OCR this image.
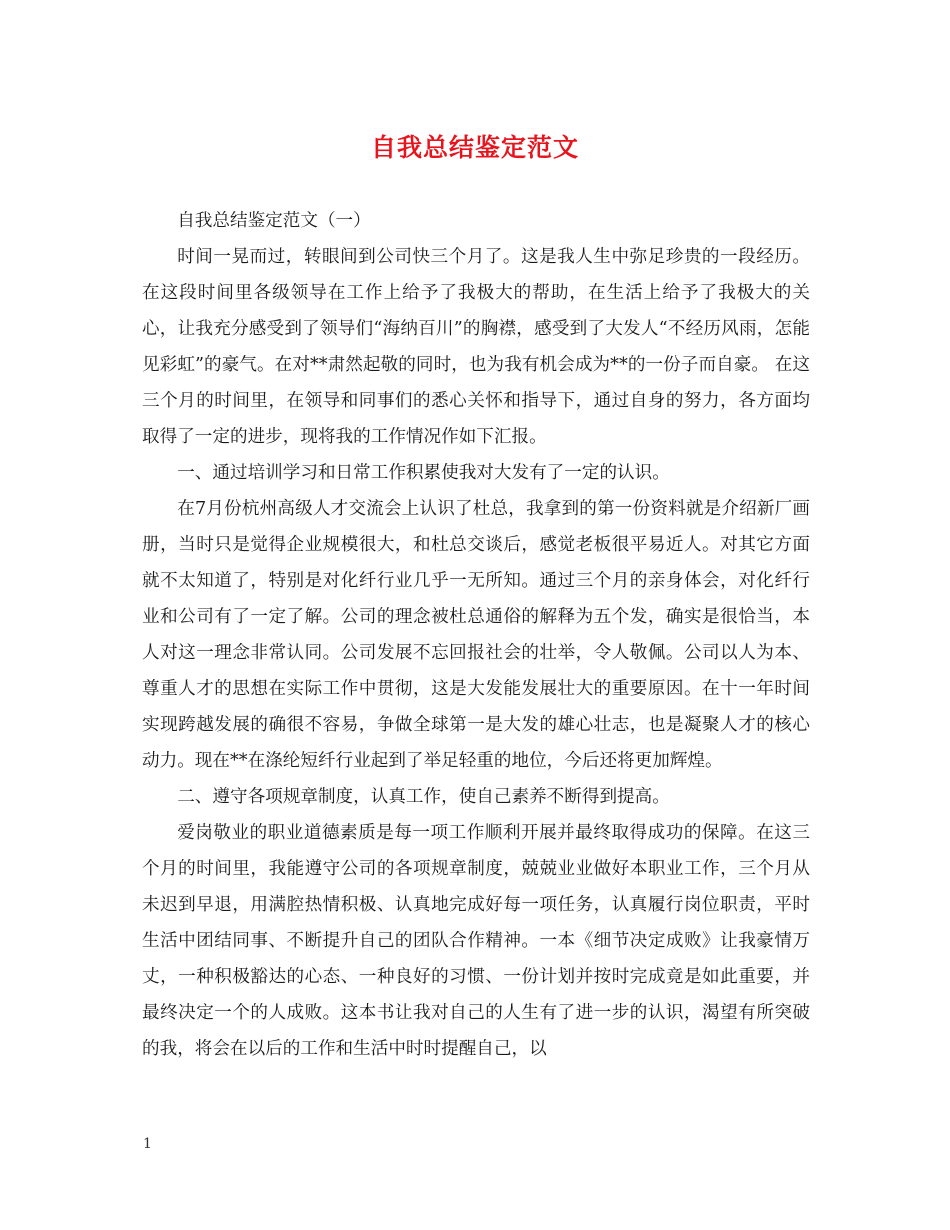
自我总结鉴定范文

自我总结鉴定范文（一）

时间一晃而过，转眼间到公司快三个月了。这是我人生中弥足珍贵的一段经历。在这段时间里各级领导在工作上给予了我极大的帮助，在生活上给予了我极大的关心，让我充分感受到了领导们“海纳百川”的胸襟，感受到了大发人“不经历风雨，怎能见彩虹”的豪气。在对**肃然起敬的同时，也为我有机会成为**的一份子而自豪。 在这三个月的时间里，在领导和同事们的悉心关怀和指导下，通过自身的努力，各方面均取得了一定的进步，现将我的工作情况作如下汇报。

一、通过培训学习和日常工作积累使我对大发有了一定的认识。

在7月份杭州高级人才交流会上认识了杜总，我拿到的第一份资料就是介绍新厂画册，当时只是觉得企业规模很大，和杜总交谈后，感觉老板很平易近人。对其它方面就不太知道了，特别是对化纤行业几乎一无所知。通过三个月的亲身体会，对化纤行业和公司有了一定了解。公司的理念被杜总通俗的解释为五个发，确实是很恰当，本人对这一理念非常认同。公司发展不忘回报社会的壮举，令人敬佩。公司以人为本、尊重人才的思想在实际工作中贯彻，这是大发能发展壮大的重要原因。在十一年时间实现跨越发展的确很不容易，争做全球第一是大发的雄心壮志，也是凝聚人才的核心动力。现在**在涤纶短纤行业起到了举足轻重的地位，今后还将更加辉煌。

二、遵守各项规章制度，认真工作，使自己素养不断得到提高。

爱岗敬业的职业道德素质是每一项工作顺利开展并最终取得成功的保障。在这三个月的时间里，我能遵守公司的各项规章制度，兢兢业业做好本职业工作，三个月从未迟到早退，用满腔热情积极、认真地完成好每一项任务，认真履行岗位职责，平时生活中团结同事、不断提升自己的团队合作精神。一本《细节决定成败》让我豪情万丈，一种积极豁达的心态、一种良好的习惯、一份计划并按时完成竟是如此重要，并最终决定一个的人成败。这本书让我对自己的人生有了进一步的认识，渴望有所突破的我，将会在以后的工作和生活中时时提醒自己，以

1
